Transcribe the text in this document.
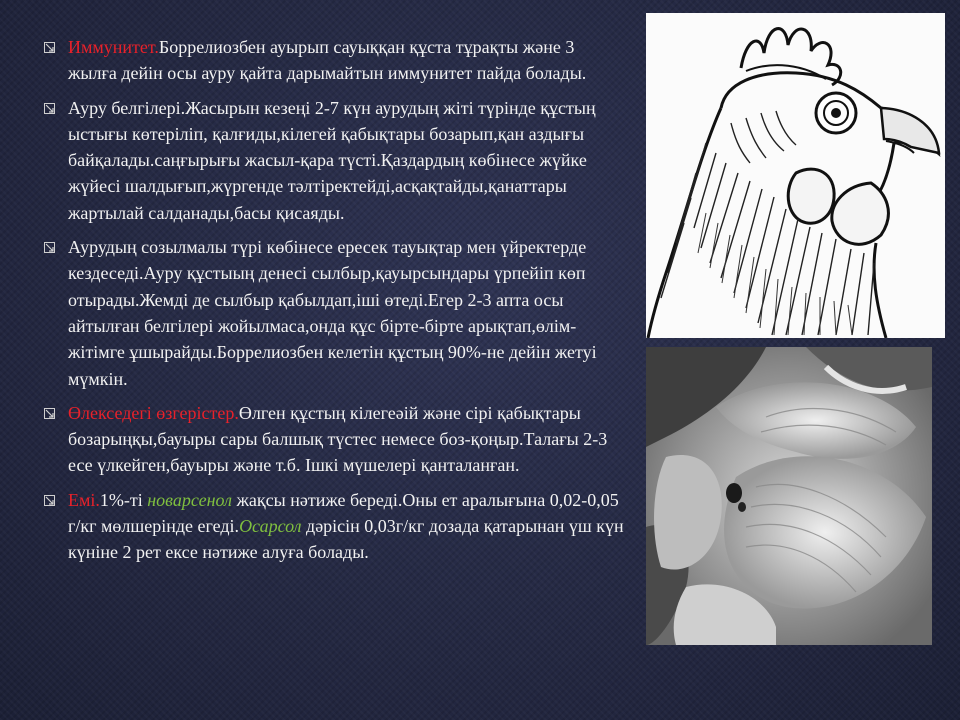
Иммунитет.Боррелиозбен ауырып сауыққан құста тұрақты және 3 жылға дейін осы ауру қайта дарымайтын иммунитет пайда болады.
Ауру белгілері.Жасырын кезеңі 2-7 күн аурудың жіті түрінде құстың ыстығы көтеріліп, қалғиды,кілегей қабықтары бозарып,қан аздығы байқалады.саңғырығы жасыл-қара түсті.Қаздардың көбінесе жүйке жүйесі шалдығып,жүргенде тәлтіректейді,асқақтайды,қанаттары жартылай салданады,басы қисаяды.
Аурудың созылмалы түрі көбінесе ересек тауықтар мен үйректерде кездеседі.Ауру құстыың денесі сылбыр,қауырсындары үрпейіп көп отырады.Жемді де сылбыр қабылдап,іші өтеді.Егер 2-3 апта осы айтылған белгілері жойылмаса,онда құс бірте-бірте арықтап,өлім-жітімге ұшырайды.Боррелиозбен келетін құстың 90%-не дейін жетуі мүмкін.
Өлекседегі өзгерістер.Өлген құстың кілегеәій және сірі қабықтары бозарыңқы,бауыры сары балшық түстес немесе боз-қоңыр.Талағы 2-3 есе үлкейген,бауыры және т.б. Ішкі мүшелері қанталанған.
Емі.1%-ті новарсенол жақсы нәтиже береді.Оны ет аралығына 0,02-0,05 г/кг мөлшерінде егеді.Осарсол дәрісін 0,03г/кг дозада қатарынан үш күн күніне 2 рет ексе нәтиже алуға болады.
